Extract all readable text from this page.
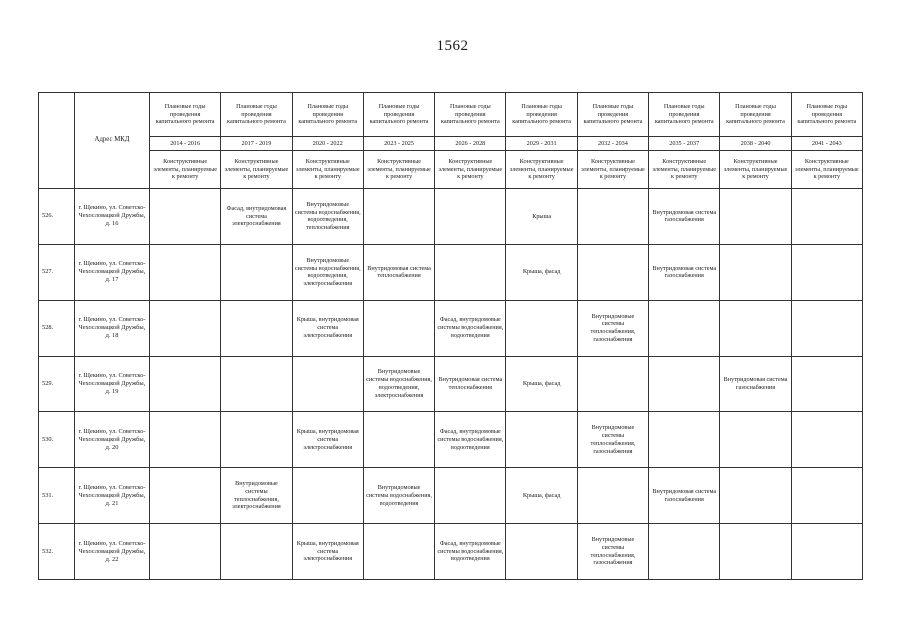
1562
	Адрес МКД	Плановые годы проведения капитального ремонта	Плановые годы проведения капитального ремонта	Плановые годы проведения капитального ремонта	Плановые годы проведения капитального ремонта	Плановые годы проведения капитального ремонта	Плановые годы проведения капитального ремонта	Плановые годы проведения капитального ремонта	Плановые годы проведения капитального ремонта	Плановые годы проведения капитального ремонта	Плановые годы проведения капитального ремонта
		2014 - 2016	2017 - 2019	2020 - 2022	2023 - 2025	2026 - 2028	2029 - 2031	2032 - 2034	2035 - 2037	2038 - 2040	2041 - 2043
		Конструктивные элементы, планируемые к ремонту	Конструктивные элементы, планируемые к ремонту	Конструктивные элементы, планируемые к ремонту	Конструктивные элементы, планируемые к ремонту	Конструктивные элементы, планируемые к ремонту	Конструктивные элементы, планируемые к ремонту	Конструктивные элементы, планируемые к ремонту	Конструктивные элементы, планируемые к ремонту	Конструктивные элементы, планируемые к ремонту	Конструктивные элементы, планируемые к ремонту
526.	г. Щекино, ул. Советско-Чехословацкой Дружбы, д. 16		Фасад, внутридомовая система электроснабжения	Внутридомовые системы водоснабжения, водоотведения, теплоснабжения			Крыша		Внутридомовая система газоснабжения		
527.	г. Щекино, ул. Советско-Чехословацкой Дружбы, д. 17			Внутридомовые системы водоснабжения, водоотведения, электроснабжения	Внутридомовая система теплоснабжения		Крыша, фасад		Внутридомовая система газоснабжения		
528.	г. Щекино, ул. Советско-Чехословацкой Дружбы, д. 18			Крыша, внутридомовая система электроснабжения		Фасад, внутридомовые системы водоснабжения, водоотведения		Внутридомовые системы теплоснабжения, газоснабжения			
529.	г. Щекино, ул. Советско-Чехословацкой Дружбы, д. 19				Внутридомовые системы водоснабжения, водоотведения, электроснабжения	Внутридомовая система теплоснабжения	Крыша, фасад			Внутридомовая система газоснабжения	
530.	г. Щекино, ул. Советско-Чехословацкой Дружбы, д. 20			Крыша, внутридомовая система электроснабжения		Фасад, внутридомовые системы водоснабжения, водоотведения		Внутридомовые системы теплоснабжения, газоснабжения			
531.	г. Щекино, ул. Советско-Чехословацкой Дружбы, д. 21		Внутридомовые системы теплоснабжения, электроснабжения		Внутридомовые системы водоснабжения, водоотведения		Крыша, фасад		Внутридомовая система газоснабжения		
532.	г. Щекино, ул. Советско-Чехословацкой Дружбы, д. 22			Крыша, внутридомовая система электроснабжения		Фасад, внутридомовые системы водоснабжения, водоотведения		Внутридомовые системы теплоснабжения, газоснабжения			
